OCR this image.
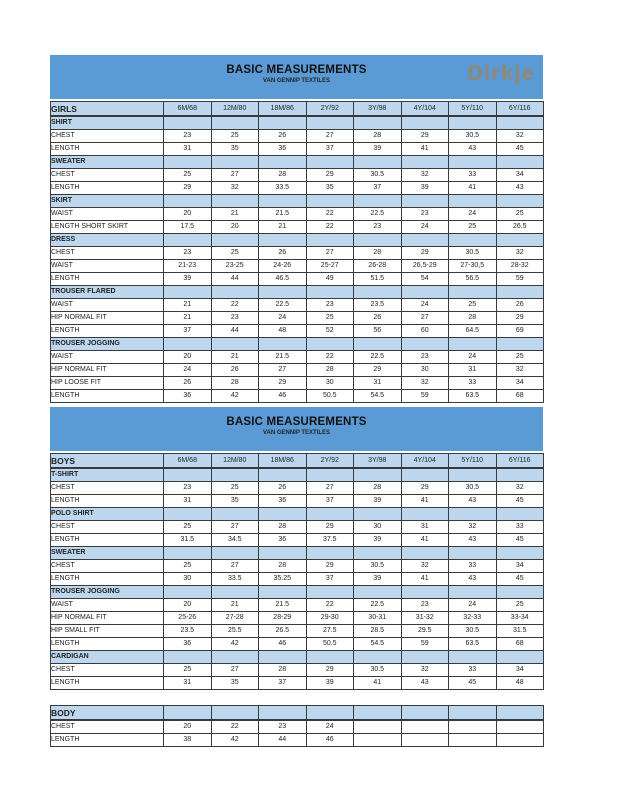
BASIC MEASUREMENTS
VAN GENNIP TEXTILES	Dirkje
GIRLS	6M/68	12M/80	18M/86	2Y/92	3Y/98	4Y/104	5Y/110	6Y/116
SHIRT								
CHEST	23	25	26	27	28	29	30.5	32
LENGTH	31	35	36	37	39	41	43	45
SWEATER								
CHEST	25	27	28	29	30.5	32	33	34
LENGTH	29	32	33.5	35	37	39	41	43
SKIRT								
WAIST	20	21	21.5	22	22.5	23	24	25
LENGTH SHORT SKIRT	17.5	20	21	22	23	24	25	26.5
DRESS								
CHEST	23	25	26	27	28	29	30.5	32
WAIST	21-23	23-25	24-26	25-27	26-28	26,5-29	27-30,5	28-32
LENGTH	39	44	46.5	49	51.5	54	56.5	59
TROUSER FLARED								
WAIST	21	22	22.5	23	23.5	24	25	26
HIP NORMAL FIT	21	23	24	25	26	27	28	29
LENGTH	37	44	48	52	56	60	64.5	69
TROUSER JOGGING								
WAIST	20	21	21.5	22	22.5	23	24	25
HIP NORMAL FIT	24	26	27	28	29	30	31	32
HIP LOOSE FIT	26	28	29	30	31	32	33	34
LENGTH	36	42	46	50.5	54.5	59	63.5	68
BASIC MEASUREMENTS
VAN GENNIP TEXTILES
BOYS	6M/68	12M/80	18M/86	2Y/92	3Y/98	4Y/104	5Y/110	6Y/116
T-SHIRT								
CHEST	23	25	26	27	28	29	30.5	32
LENGTH	31	35	36	37	39	41	43	45
POLO SHIRT								
CHEST	25	27	28	29	30	31	32	33
LENGTH	31.5	34.5	36	37.5	39	41	43	45
SWEATER								
CHEST	25	27	28	29	30.5	32	33	34
LENGTH	30	33.5	35.25	37	39	41	43	45
TROUSER JOGGING								
WAIST	20	21	21.5	22	22.5	23	24	25
HIP NORMAL FIT	25-26	27-28	28-29	29-30	30-31	31-32	32-33	33-34
HIP SMALL FIT	23.5	25.5	26.5	27.5	28.5	29.5	30.5	31.5
LENGTH	36	42	46	50.5	54.5	59	63.5	68
CARDIGAN								
CHEST	25	27	28	29	30.5	32	33	34
LENGTH	31	35	37	39	41	43	45	48
BODY								
CHEST	20	22	23	24				
LENGTH	38	42	44	46				
